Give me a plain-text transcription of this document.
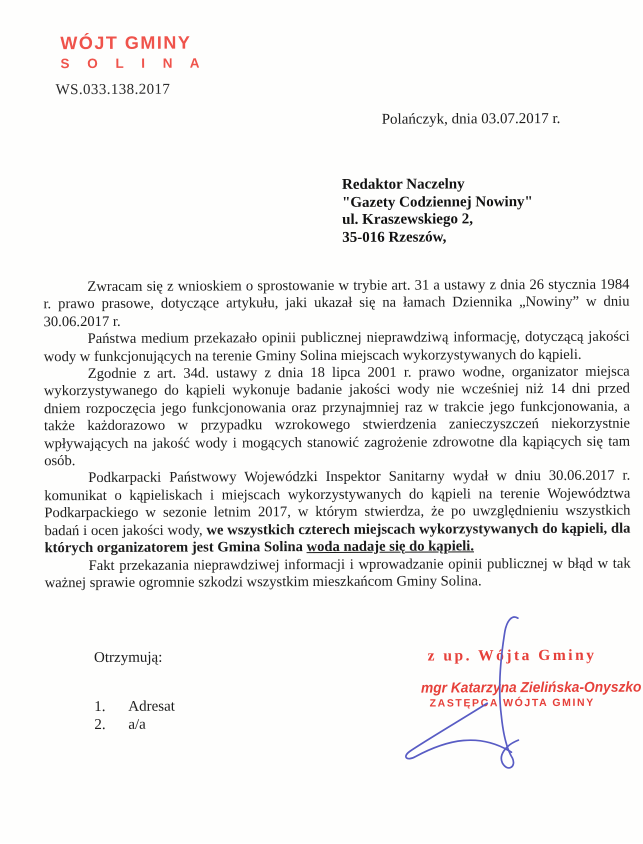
WÓJT GMINY
S O L I N A
WS.033.138.2017
Polańczyk, dnia 03.07.2017 r.
Redaktor Naczelny
"Gazety Codziennej Nowiny"
ul. Kraszewskiego 2,
35-016 Rzeszów,

Zwracam się z wnioskiem o sprostowanie w trybie art. 31 a ustawy z dnia 26 stycznia 1984 r. prawo prasowe, dotyczące artykułu, jaki ukazał się na łamach Dziennika „Nowiny” w dniu 30.06.2017 r.

Państwa medium przekazało opinii publicznej nieprawdziwą informację, dotyczącą jakości wody w funkcjonujących na terenie Gminy Solina miejscach wykorzystywanych do kąpieli.

Zgodnie z art. 34d. ustawy z dnia 18 lipca 2001 r. prawo wodne, organizator miejsca wykorzystywanego do kąpieli wykonuje badanie jakości wody nie wcześniej niż 14 dni przed dniem rozpoczęcia jego funkcjonowania oraz przynajmniej raz w trakcie jego funkcjonowania, a także każdorazowo w przypadku wzrokowego stwierdzenia zanieczyszczeń niekorzystnie wpływających na jakość wody i mogących stanowić zagrożenie zdrowotne dla kąpiących się tam osób.

Podkarpacki Państwowy Wojewódzki Inspektor Sanitarny wydał w dniu 30.06.2017 r. komunikat o kąpieliskach i miejscach wykorzystywanych do kąpieli na terenie Województwa Podkarpackiego w sezonie letnim 2017, w którym stwierdza, że po uwzględnieniu wszystkich badań i ocen jakości wody, we wszystkich czterech miejscach wykorzystywanych do kąpieli, dla których organizatorem jest Gmina Solina woda nadaje się do kąpieli.

Fakt przekazania nieprawdziwej informacji i wprowadzanie opinii publicznej w błąd w tak ważnej sprawie ogromnie szkodzi wszystkim mieszkańcom Gminy Solina.

Otrzymują:
1.	Adresat
2.	a/a
z up. Wójta Gminy
mgr Katarzyna Zielińska-Onyszko
ZASTĘPCA WÓJTA GMINY
